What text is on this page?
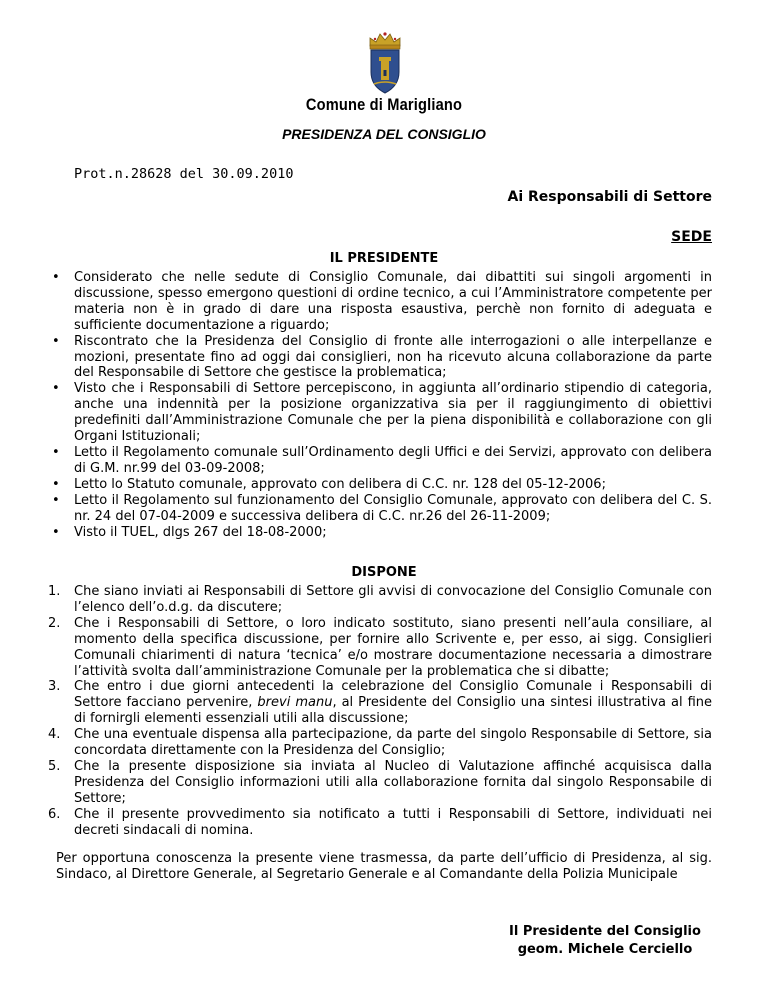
Comune di Marigliano
PRESIDENZA DEL CONSIGLIO
Prot.n.28628 del 30.09.2010
Ai Responsabili di Settore
SEDE
IL PRESIDENTE
• Considerato che nelle sedute di Consiglio Comunale, dai dibattiti sui singoli argomenti in discussione, spesso emergono questioni di ordine tecnico, a cui l’Amministratore competente per materia non è in grado di dare una risposta esaustiva, perchè non fornito di adeguata e sufficiente documentazione a riguardo;
• Riscontrato che la Presidenza del Consiglio di fronte alle interrogazioni o alle interpellanze e mozioni, presentate fino ad oggi dai consiglieri, non ha ricevuto alcuna collaborazione da parte del Responsabile di Settore che gestisce la problematica;
• Visto che i Responsabili di Settore percepiscono, in aggiunta all’ordinario stipendio di categoria, anche una indennità per la posizione organizzativa sia per il raggiungimento di obiettivi predefiniti dall’Amministrazione Comunale che per la piena disponibilità e collaborazione con gli Organi Istituzionali;
• Letto il Regolamento comunale sull’Ordinamento degli Uffici e dei Servizi, approvato con delibera di G.M. nr.99 del 03-09-2008;
• Letto lo Statuto comunale, approvato con delibera di C.C. nr. 128 del 05-12-2006;
• Letto il Regolamento sul funzionamento del Consiglio Comunale, approvato con delibera del C. S. nr. 24 del 07-04-2009 e successiva delibera di C.C. nr.26 del 26-11-2009;
• Visto il TUEL, dlgs 267 del 18-08-2000;
DISPONE
1. Che siano inviati ai Responsabili di Settore gli avvisi di convocazione del Consiglio Comunale con l’elenco dell’o.d.g. da discutere;
2. Che i Responsabili di Settore, o loro indicato sostituto, siano presenti nell’aula consiliare, al momento della specifica discussione, per fornire allo Scrivente e, per esso, ai sigg. Consiglieri Comunali chiarimenti di natura ‘tecnica’ e/o mostrare documentazione necessaria a dimostrare l’attività svolta dall’amministrazione Comunale per la problematica che si dibatte;
3. Che entro i due giorni antecedenti la celebrazione del Consiglio Comunale i Responsabili di Settore facciano pervenire, brevi manu, al Presidente del Consiglio una sintesi illustrativa al fine di fornirgli elementi essenziali utili alla discussione;
4. Che una eventuale dispensa alla partecipazione, da parte del singolo Responsabile di Settore, sia concordata direttamente con la Presidenza del Consiglio;
5. Che la presente disposizione sia inviata al Nucleo di Valutazione affinché acquisisca dalla Presidenza del Consiglio informazioni utili alla collaborazione fornita dal singolo Responsabile di Settore;
6. Che il presente provvedimento sia notificato a tutti i Responsabili di Settore, individuati nei decreti sindacali di nomina.

Per opportuna conoscenza la presente viene trasmessa, da parte dell’ufficio di Presidenza, al sig. Sindaco, al Direttore Generale, al Segretario Generale e al Comandante della Polizia Municipale

Il Presidente del Consiglio
geom. Michele Cerciello
